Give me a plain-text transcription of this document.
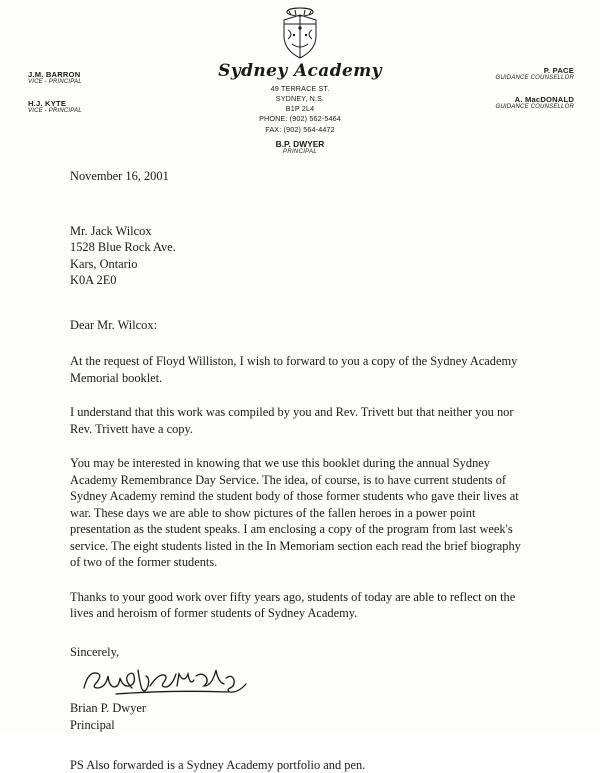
Sydney Academy
49 TERRACE ST.
SYDNEY, N.S.
B1P 2L4
PHONE: (902) 562-5464
FAX: (902) 564-4472
B.P. DWYER
PRINCIPAL
J.M. BARRON
VICE - PRINCIPAL
H.J. KYTE
VICE - PRINCIPAL
P. PACE
GUIDANCE COUNSELLOR
A. MacDONALD
GUIDANCE COUNSELLOR
November 16, 2001
Mr. Jack Wilcox
1528 Blue Rock Ave.
Kars, Ontario
K0A 2E0
Dear Mr. Wilcox:

At the request of Floyd Williston, I wish to forward to you a copy of the Sydney Academy Memorial booklet.

I understand that this work was compiled by you and Rev. Trivett but that neither you nor Rev. Trivett have a copy.

You may be interested in knowing that we use this booklet during the annual Sydney Academy Remembrance Day Service. The idea, of course, is to have current students of Sydney Academy remind the student body of those former students who gave their lives at war. These days we are able to show pictures of the fallen heroes in a power point presentation as the student speaks. I am enclosing a copy of the program from last week's service. The eight students listed in the In Memoriam section each read the brief biography of two of the former students.

Thanks to your good work over fifty years ago, students of today are able to reflect on the lives and heroism of former students of Sydney Academy.

Sincerely,
Brian P. Dwyer
Principal
PS Also forwarded is a Sydney Academy portfolio and pen.
